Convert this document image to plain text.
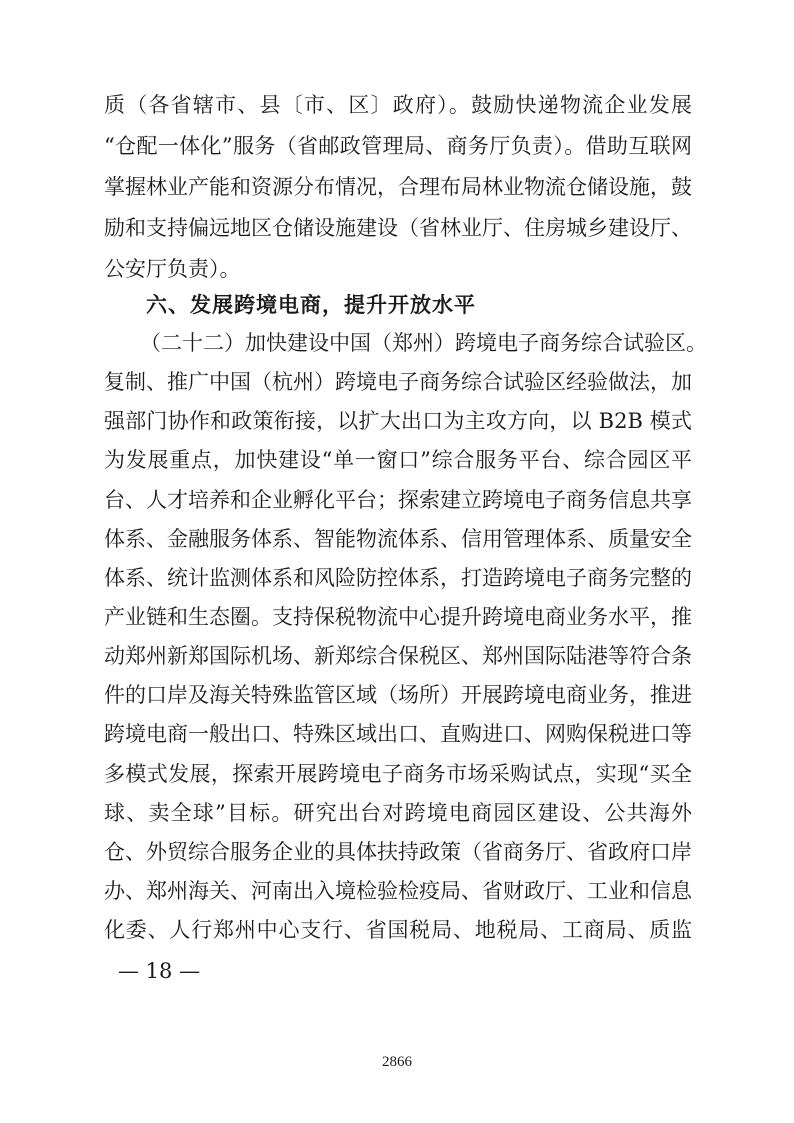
质（各省辖市、县〔市、区〕政府）。鼓励快递物流企业发展
“仓配一体化”服务（省邮政管理局、商务厅负责）。借助互联网
掌握林业产能和资源分布情况，合理布局林业物流仓储设施，鼓
励和支持偏远地区仓储设施建设（省林业厅、住房城乡建设厅、
公安厅负责）。
六、发展跨境电商，提升开放水平
（二十二）加快建设中国（郑州）跨境电子商务综合试验区。
复制、推广中国（杭州）跨境电子商务综合试验区经验做法，加
强部门协作和政策衔接，以扩大出口为主攻方向，以 B2B 模式
为发展重点，加快建设“单一窗口”综合服务平台、综合园区平
台、人才培养和企业孵化平台；探索建立跨境电子商务信息共享
体系、金融服务体系、智能物流体系、信用管理体系、质量安全
体系、统计监测体系和风险防控体系，打造跨境电子商务完整的
产业链和生态圈。支持保税物流中心提升跨境电商业务水平，推
动郑州新郑国际机场、新郑综合保税区、郑州国际陆港等符合条
件的口岸及海关特殊监管区域（场所）开展跨境电商业务，推进
跨境电商一般出口、特殊区域出口、直购进口、网购保税进口等
多模式发展，探索开展跨境电子商务市场采购试点，实现“买全
球、卖全球”目标。研究出台对跨境电商园区建设、公共海外
仓、外贸综合服务企业的具体扶持政策（省商务厅、省政府口岸
办、郑州海关、河南出入境检验检疫局、省财政厅、工业和信息
化委、人行郑州中心支行、省国税局、地税局、工商局、质监
— 18 —
2866
